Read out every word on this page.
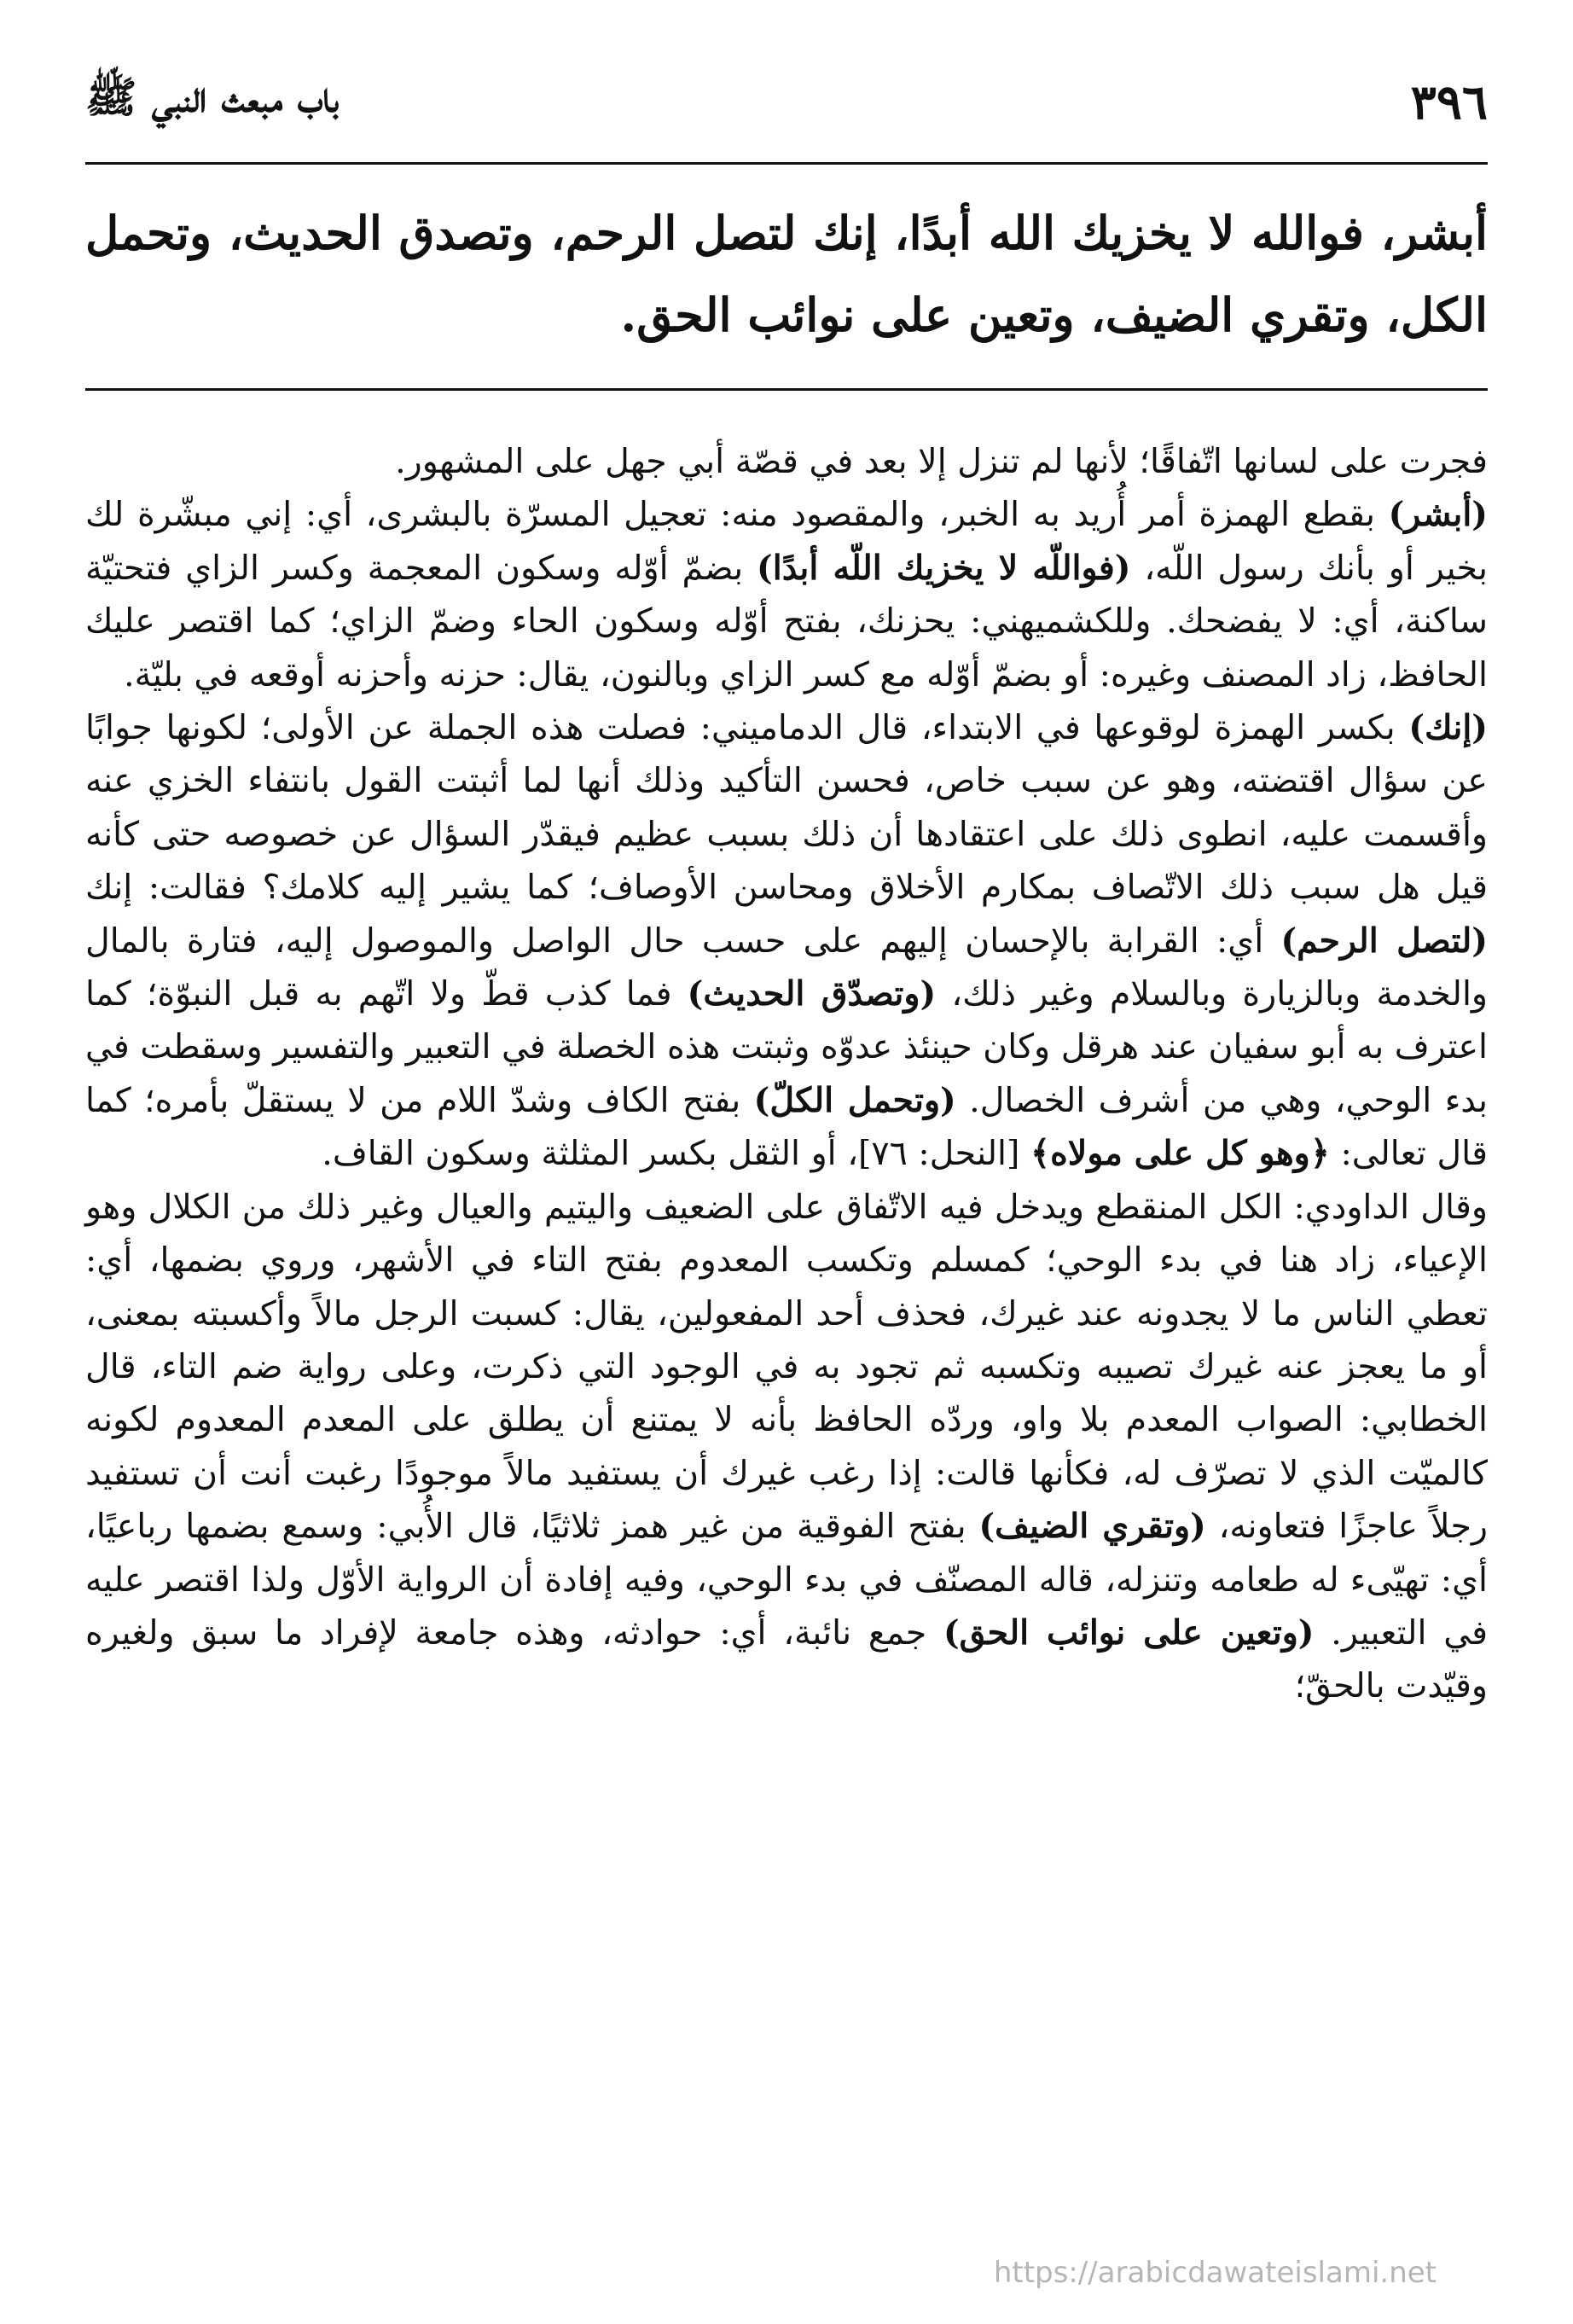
٣٩٦
باب مبعث النبي ﷺ
أبشر، فوالله لا يخزيك الله أبدًا، إنك لتصل الرحم، وتصدق الحديث، وتحمل الكل، وتقري الضيف، وتعين على نوائب الحق.

فجرت على لسانها اتّفاقًا؛ لأنها لم تنزل إلا بعد في قصّة أبي جهل على المشهور.

(أبشر) بقطع الهمزة أمر أُريد به الخبر، والمقصود منه: تعجيل المسرّة بالبشرى، أي: إني مبشّرة لك بخير أو بأنك رسول اللّه، (فواللّه لا يخزيك اللّه أبدًا) بضمّ أوّله وسكون المعجمة وكسر الزاي فتحتيّة ساكنة، أي: لا يفضحك. وللكشميهني: يحزنك، بفتح أوّله وسكون الحاء وضمّ الزاي؛ كما اقتصر عليك الحافظ، زاد المصنف وغيره: أو بضمّ أوّله مع كسر الزاي وبالنون، يقال: حزنه وأحزنه أوقعه في بليّة.

(إنك) بكسر الهمزة لوقوعها في الابتداء، قال الدماميني: فصلت هذه الجملة عن الأولى؛ لكونها جوابًا عن سؤال اقتضته، وهو عن سبب خاص، فحسن التأكيد وذلك أنها لما أثبتت القول بانتفاء الخزي عنه وأقسمت عليه، انطوى ذلك على اعتقادها أن ذلك بسبب عظيم فيقدّر السؤال عن خصوصه حتى كأنه قيل هل سبب ذلك الاتّصاف بمكارم الأخلاق ومحاسن الأوصاف؛ كما يشير إليه كلامك؟ فقالت: إنك (لتصل الرحم) أي: القرابة بالإحسان إليهم على حسب حال الواصل والموصول إليه، فتارة بالمال والخدمة وبالزيارة وبالسلام وغير ذلك، (وتصدّق الحديث) فما كذب قطّ ولا اتّهم به قبل النبوّة؛ كما اعترف به أبو سفيان عند هرقل وكان حينئذ عدوّه وثبتت هذه الخصلة في التعبير والتفسير وسقطت في بدء الوحي، وهي من أشرف الخصال. (وتحمل الكلّ) بفتح الكاف وشدّ اللام من لا يستقلّ بأمره؛ كما قال تعالى: ﴿وهو كل على مولاه﴾ [النحل: ٧٦]، أو الثقل بكسر المثلثة وسكون القاف.

وقال الداودي: الكل المنقطع ويدخل فيه الاتّفاق على الضعيف واليتيم والعيال وغير ذلك من الكلال وهو الإعياء، زاد هنا في بدء الوحي؛ كمسلم وتكسب المعدوم بفتح التاء في الأشهر، وروي بضمها، أي: تعطي الناس ما لا يجدونه عند غيرك، فحذف أحد المفعولين، يقال: كسبت الرجل مالاً وأكسبته بمعنى، أو ما يعجز عنه غيرك تصيبه وتكسبه ثم تجود به في الوجود التي ذكرت، وعلى رواية ضم التاء، قال الخطابي: الصواب المعدم بلا واو، وردّه الحافظ بأنه لا يمتنع أن يطلق على المعدم المعدوم لكونه كالميّت الذي لا تصرّف له، فكأنها قالت: إذا رغب غيرك أن يستفيد مالاً موجودًا رغبت أنت أن تستفيد رجلاً عاجزًا فتعاونه، (وتقري الضيف) بفتح الفوقية من غير همز ثلاثيًا، قال الأُبي: وسمع بضمها رباعيًا، أي: تهيّىء له طعامه وتنزله، قاله المصنّف في بدء الوحي، وفيه إفادة أن الرواية الأوّل ولذا اقتصر عليه في التعبير. (وتعين على نوائب الحق) جمع نائبة، أي: حوادثه، وهذه جامعة لإفراد ما سبق ولغيره وقيّدت بالحقّ؛

https://arabicdawateislami.net
